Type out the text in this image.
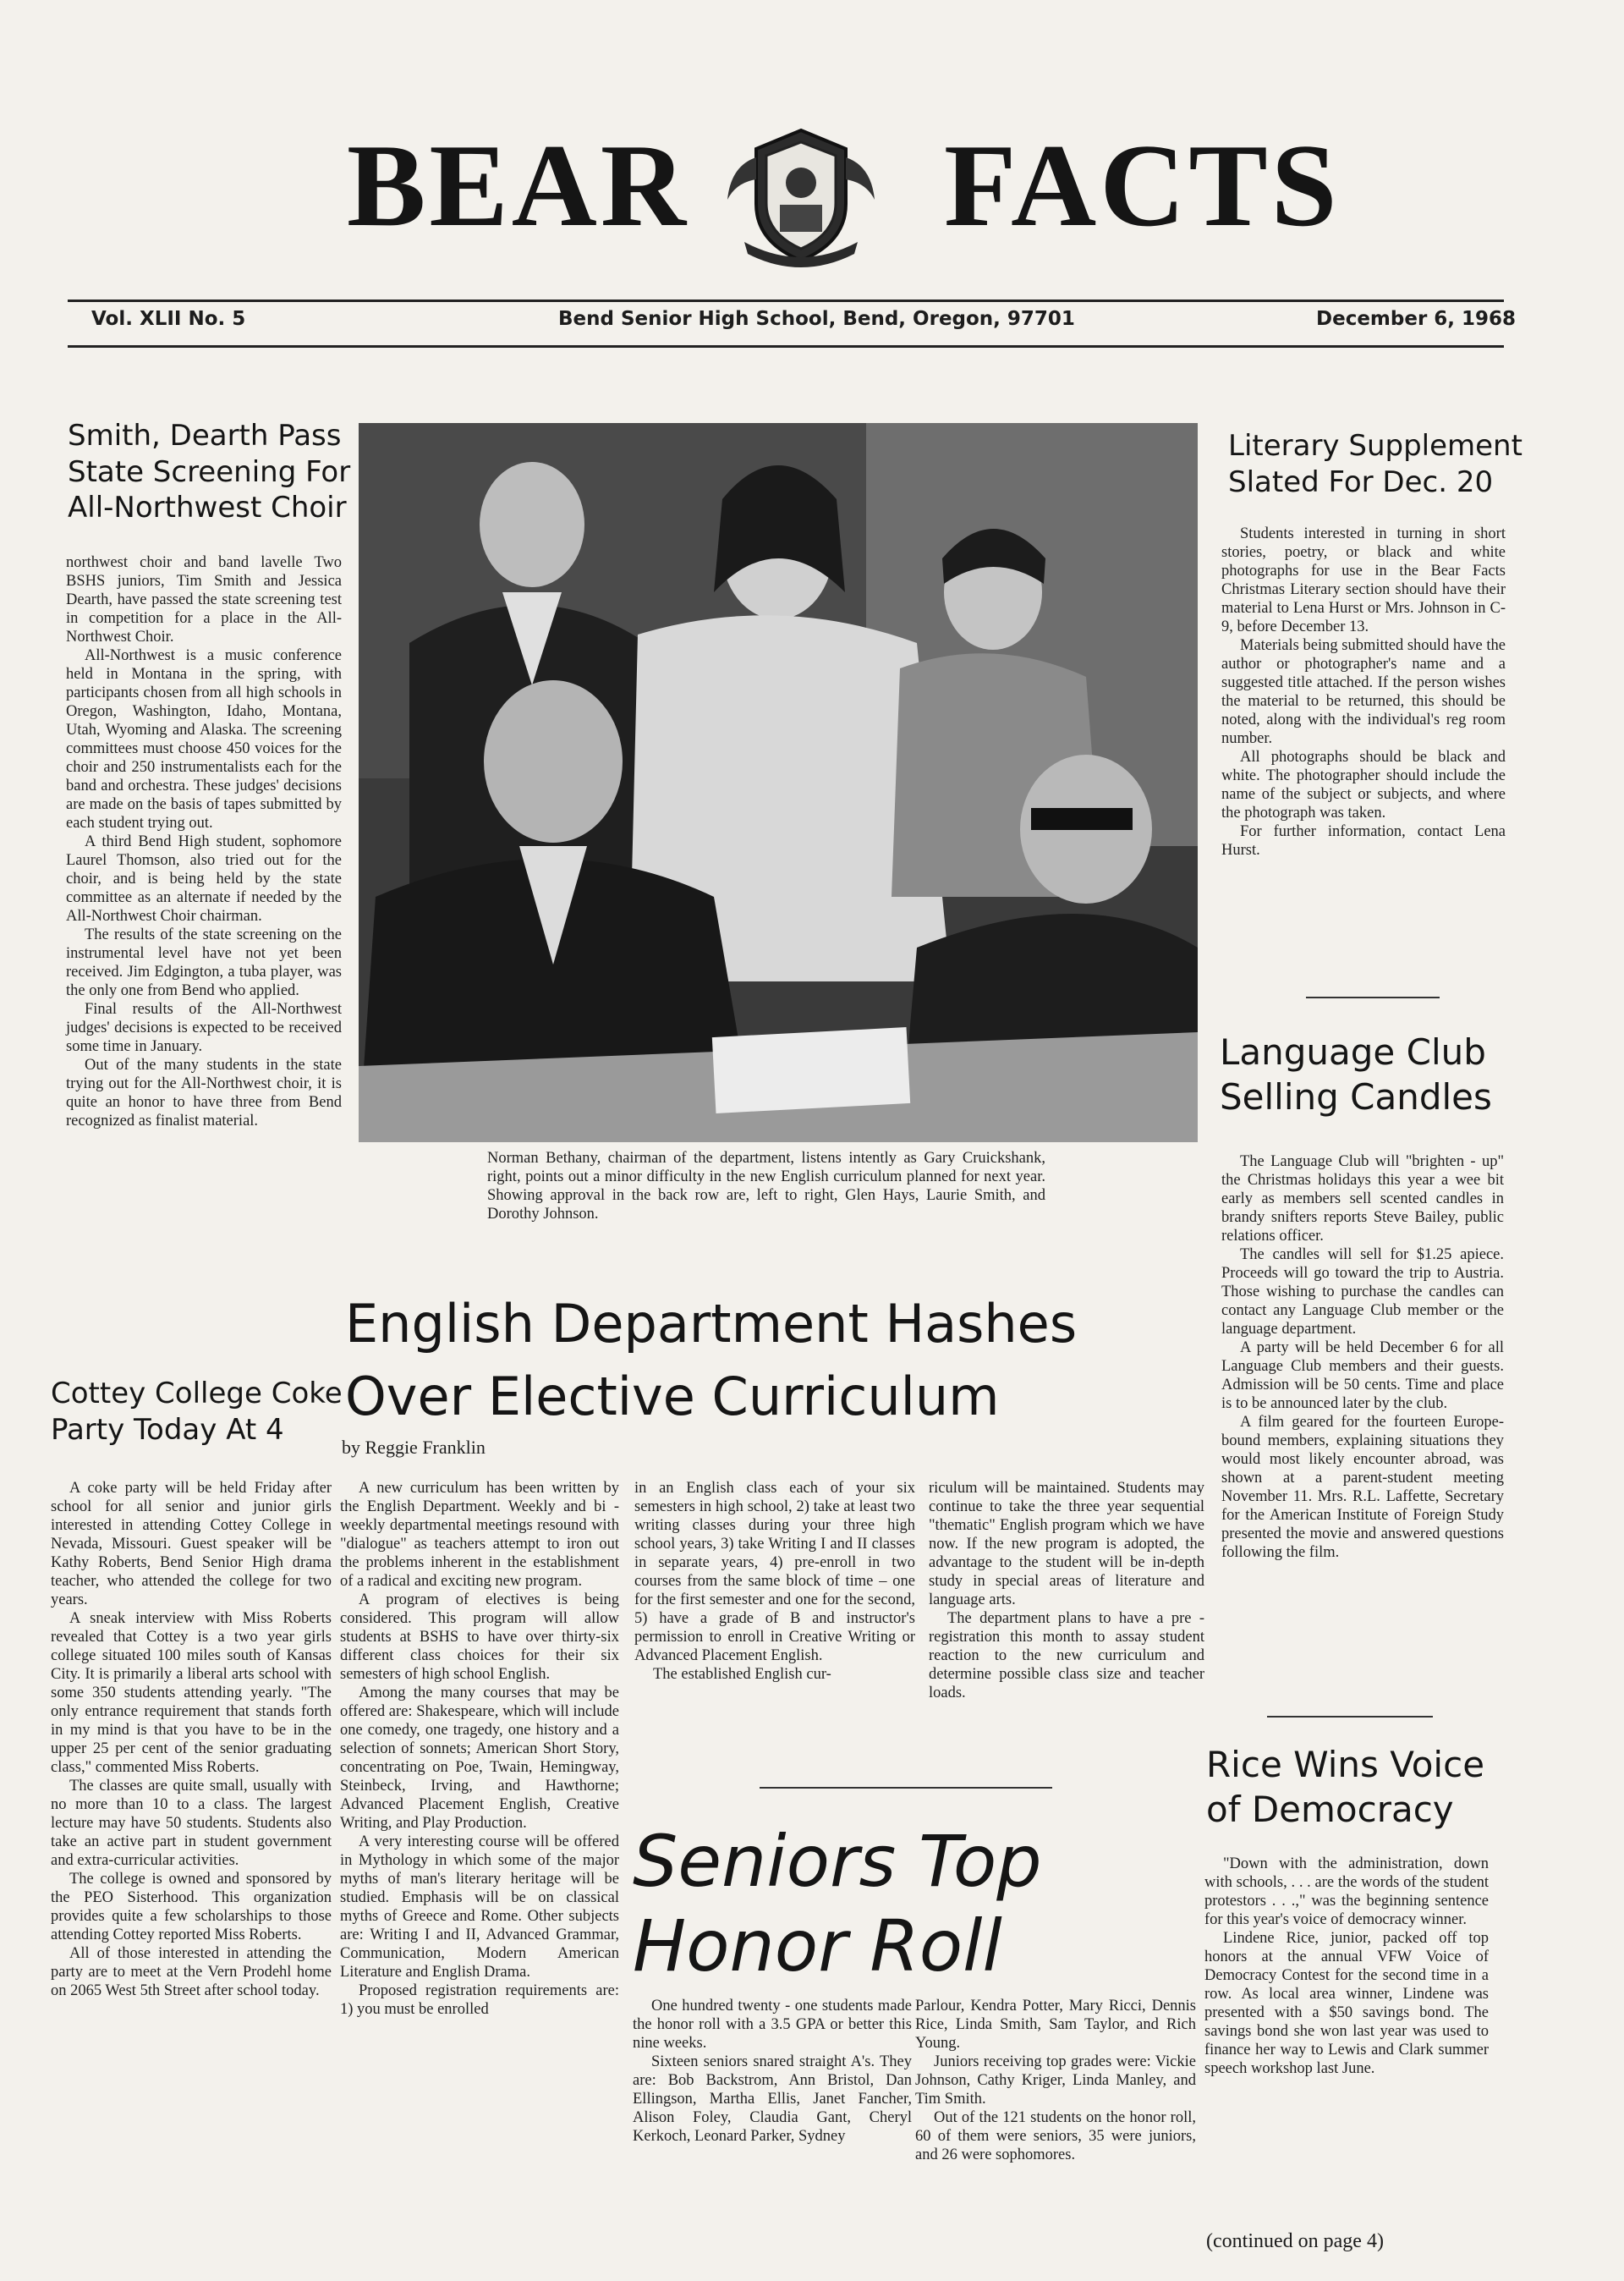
BEAR FACTS
Vol. XLII No. 5	Bend Senior High School, Bend, Oregon, 97701	December 6, 1968
Smith, Dearth Pass
State Screening For
All-Northwest Choir

northwest choir and band lavelle Two BSHS juniors, Tim Smith and Jessica Dearth, have passed the state screening test in competition for a place in the All-Northwest Choir.

All-Northwest is a music conference held in Montana in the spring, with participants chosen from all high schools in Oregon, Washington, Idaho, Montana, Utah, Wyoming and Alaska. The screening committees must choose 450 voices for the choir and 250 instrumentalists each for the band and orchestra. These judges' decisions are made on the basis of tapes submitted by each student trying out.

A third Bend High student, sophomore Laurel Thomson, also tried out for the choir, and is being held by the state committee as an alternate if needed by the All-Northwest Choir chairman.

The results of the state screening on the instrumental level have not yet been received. Jim Edgington, a tuba player, was the only one from Bend who applied.

Final results of the All-Northwest judges' decisions is expected to be received some time in January.

Out of the many students in the state trying out for the All-Northwest choir, it is quite an honor to have three from Bend recognized as finalist material.

Norman Bethany, chairman of the department, listens intently as Gary Cruickshank, right, points out a minor difficulty in the new English curriculum planned for next year. Showing approval in the back row are, left to right, Glen Hays, Laurie Smith, and Dorothy Johnson.
Literary Supplement
Slated For Dec. 20

Students interested in turning in short stories, poetry, or black and white photographs for use in the Bear Facts Christmas Literary section should have their material to Lena Hurst or Mrs. Johnson in C-9, before December 13.

Materials being submitted should have the author or photographer's name and a suggested title attached. If the person wishes the material to be returned, this should be noted, along with the individual's reg room number.

All photographs should be black and white. The photographer should include the name of the subject or subjects, and where the photograph was taken.

For further information, contact Lena Hurst.

Language Club
Selling Candles

The Language Club will "brighten - up" the Christmas holidays this year a wee bit early as members sell scented candles in brandy snifters reports Steve Bailey, public relations officer.

The candles will sell for $1.25 apiece. Proceeds will go toward the trip to Austria. Those wishing to purchase the candles can contact any Language Club member or the language department.

A party will be held December 6 for all Language Club members and their guests. Admission will be 50 cents. Time and place is to be announced later by the club.

A film geared for the fourteen Europe-bound members, explaining situations they would most likely encounter abroad, was shown at a parent-student meeting November 11. Mrs. R.L. Laffette, Secretary for the American Institute of Foreign Study presented the movie and answered questions following the film.

English Department Hashes
Over Elective Curriculum
by Reggie Franklin

A new curriculum has been written by the English Department. Weekly and bi - weekly departmental meetings resound with "dialogue" as teachers attempt to iron out the problems inherent in the establishment of a radical and exciting new program.

A program of electives is being considered. This program will allow students at BSHS to have over thirty-six different class choices for their six semesters of high school English.

Among the many courses that may be offered are: Shakespeare, which will include one comedy, one tragedy, one history and a selection of sonnets; American Short Story, concentrating on Poe, Twain, Hemingway, Steinbeck, Irving, and Hawthorne; Advanced Placement English, Creative Writing, and Play Production.

A very interesting course will be offered in Mythology in which some of the major myths of man's literary heritage will be studied. Emphasis will be on classical myths of Greece and Rome. Other subjects are: Writing I and II, Advanced Grammar, Communication, Modern American Literature and English Drama.

Proposed registration requirements are: 1) you must be enrolled

in an English class each of your six semesters in high school, 2) take at least two writing classes during your three high school years, 3) take Writing I and II classes in separate years, 4) pre-enroll in two courses from the same block of time – one for the first semester and one for the second, 5) have a grade of B and instructor's permission to enroll in Creative Writing or Advanced Placement English.

The established English cur-

riculum will be maintained. Students may continue to take the three year sequential "thematic" English program which we have now. If the new program is adopted, the advantage to the student will be in-depth study in special areas of literature and language arts.

The department plans to have a pre - registration this month to assay student reaction to the new curriculum and determine possible class size and teacher loads.

Cottey College Coke
Party Today At 4

A coke party will be held Friday after school for all senior and junior girls interested in attending Cottey College in Nevada, Missouri. Guest speaker will be Kathy Roberts, Bend Senior High drama teacher, who attended the college for two years.

A sneak interview with Miss Roberts revealed that Cottey is a two year girls college situated 100 miles south of Kansas City. It is primarily a liberal arts school with some 350 students attending yearly. "The only entrance requirement that stands forth in my mind is that you have to be in the upper 25 per cent of the senior graduating class," commented Miss Roberts.

The classes are quite small, usually with no more than 10 to a class. The largest lecture may have 50 students. Students also take an active part in student government and extra-curricular activities.

The college is owned and sponsored by the PEO Sisterhood. This organization provides quite a few scholarships to those attending Cottey reported Miss Roberts.

All of those interested in attending the party are to meet at the Vern Prodehl home on 2065 West 5th Street after school today.

Seniors Top
Honor Roll

One hundred twenty - one students made the honor roll with a 3.5 GPA or better this nine weeks.

Sixteen seniors snared straight A's. They are: Bob Backstrom, Ann Bristol, Dan Ellingson, Martha Ellis, Janet Fancher, Alison Foley, Claudia Gant, Cheryl Kerkoch, Leonard Parker, Sydney

Parlour, Kendra Potter, Mary Ricci, Dennis Rice, Linda Smith, Sam Taylor, and Rich Young.

Juniors receiving top grades were: Vickie Johnson, Cathy Kriger, Linda Manley, and Tim Smith.

Out of the 121 students on the honor roll, 60 of them were seniors, 35 were juniors, and 26 were sophomores.

Rice Wins Voice
of Democracy

"Down with the administration, down with schools, . . . are the words of the student protestors . . .," was the beginning sentence for this year's voice of democracy winner.

Lindene Rice, junior, packed off top honors at the annual VFW Voice of Democracy Contest for the second time in a row. As local area winner, Lindene was presented with a $50 savings bond. The savings bond she won last year was used to finance her way to Lewis and Clark summer speech workshop last June.

(continued on page 4)
